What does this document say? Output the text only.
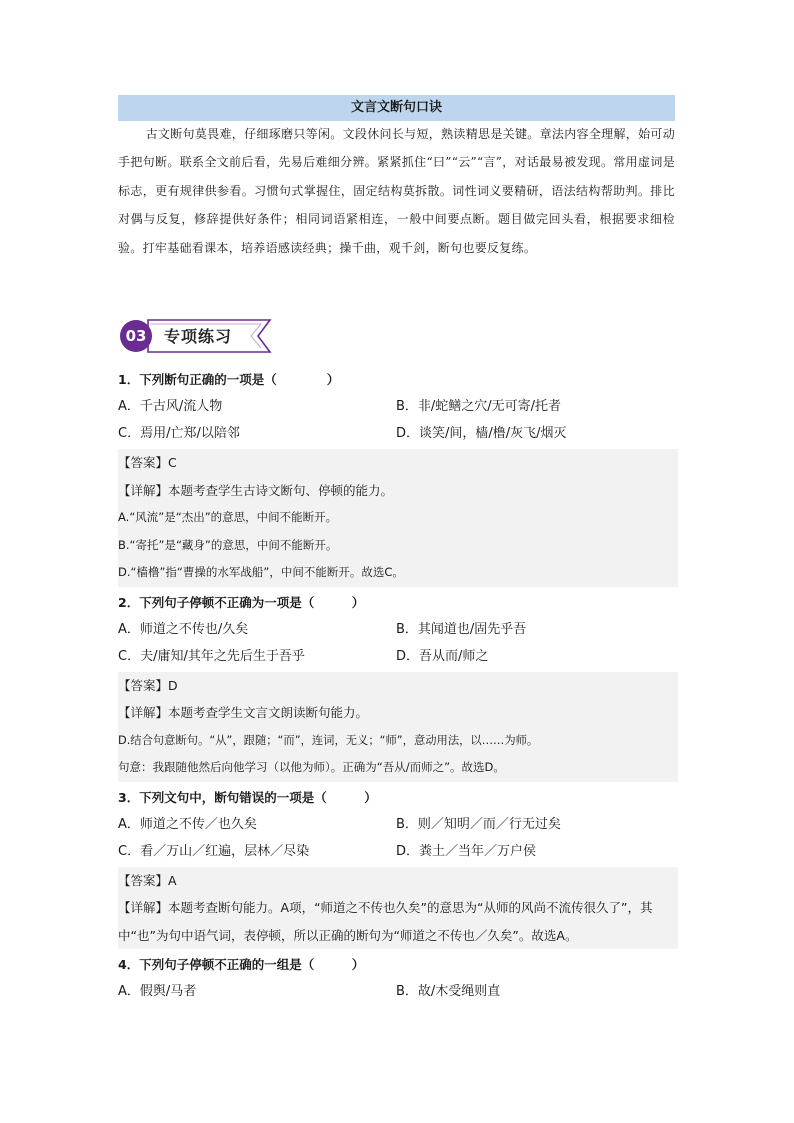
文言文断句口诀
古文断句莫畏难，仔细琢磨只等闲。文段休问长与短，熟读精思是关键。章法内容全理解，始可动手把句断。联系全文前后看，先易后难细分辨。紧紧抓住“曰”“云”“言”，对话最易被发现。常用虚词是标志，更有规律供参看。习惯句式掌握住，固定结构莫拆散。词性词义要精研，语法结构帮助判。排比对偶与反复，修辞提供好条件；相同词语紧相连，一般中间要点断。题目做完回头看，根据要求细检验。打牢基础看课本，培养语感读经典；操千曲，观千剑，断句也要反复练。
03	专项练习
1．下列断句正确的一项是（　　　　）
A．千古风/流人物	B．非/蛇鳝之穴/无可寄/托者
C．焉用/亡郑/以陪邻	D．谈笑/间，樯/橹/灰飞/烟灭
【答案】C
【详解】本题考查学生古诗文断句、停顿的能力。
A.“风流”是“杰出”的意思，中间不能断开。
B.“寄托”是“藏身”的意思，中间不能断开。
D.“樯橹”指“曹操的水军战船”，中间不能断开。故选C。
2．下列句子停顿不正确为一项是（　　　）
A．师道之不传也/久矣	B．其闻道也/固先乎吾
C．夫/庸知/其年之先后生于吾乎	D．吾从而/师之
【答案】D
【详解】本题考查学生文言文朗读断句能力。
D.结合句意断句。“从”，跟随；“而”，连词，无义；“师”，意动用法，以……为师。
句意：我跟随他然后向他学习（以他为师）。正确为“吾从/而师之”。故选D。
3．下列文句中，断句错误的一项是（　　　）
A．师道之不传／也久矣	B．则／知明／而／行无过矣
C．看／万山／红遍，层林／尽染	D．粪土／当年／万户侯
【答案】A
【详解】本题考查断句能力。A项，“师道之不传也久矣”的意思为“从师的风尚不流传很久了”，其中“也”为句中语气词，表停顿，所以正确的断句为“师道之不传也／久矣”。故选A。
4．下列句子停顿不正确的一组是（　　　）
A．假舆/马者	B．故/木受绳则直
